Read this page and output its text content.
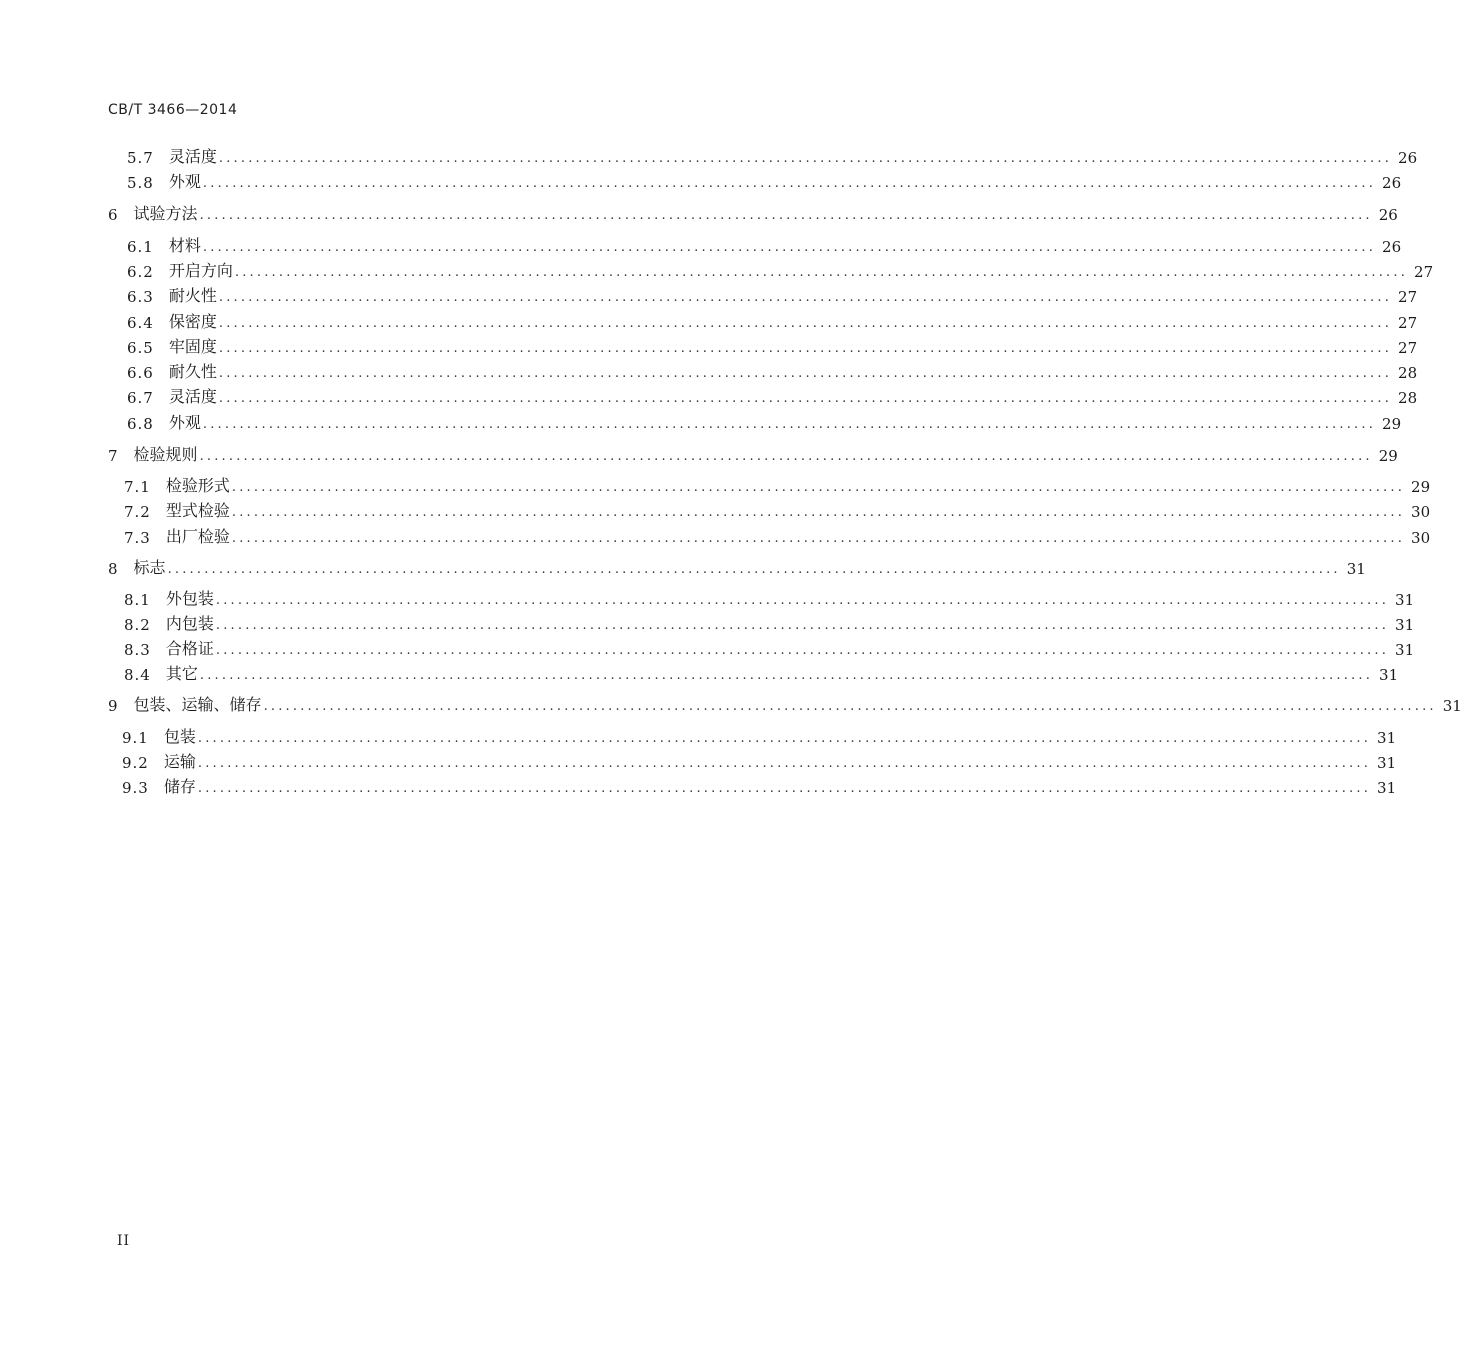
CB/T 3466—2014
5.7 灵活度 ................................................................................................................................................................ 26
5.8 外观 ................................................................................................................................................................ 26
6 试验方法 ................................................................................................................................................................ 26
6.1 材料 ................................................................................................................................................................ 26
6.2 开启方向 ................................................................................................................................................................ 27
6.3 耐火性 ................................................................................................................................................................ 27
6.4 保密度 ................................................................................................................................................................ 27
6.5 牢固度 ................................................................................................................................................................ 27
6.6 耐久性 ................................................................................................................................................................ 28
6.7 灵活度 ................................................................................................................................................................ 28
6.8 外观 ................................................................................................................................................................ 29
7 检验规则 ................................................................................................................................................................ 29
7.1 检验形式 ................................................................................................................................................................ 29
7.2 型式检验 ................................................................................................................................................................ 30
7.3 出厂检验 ................................................................................................................................................................ 30
8 标志 ................................................................................................................................................................ 31
8.1 外包装 ................................................................................................................................................................ 31
8.2 内包装 ................................................................................................................................................................ 31
8.3 合格证 ................................................................................................................................................................ 31
8.4 其它 ................................................................................................................................................................ 31
9 包装、运输、储存 ................................................................................................................................................................ 31
9.1 包装 ................................................................................................................................................................ 31
9.2 运输 ................................................................................................................................................................ 31
9.3 储存 ................................................................................................................................................................ 31
II
